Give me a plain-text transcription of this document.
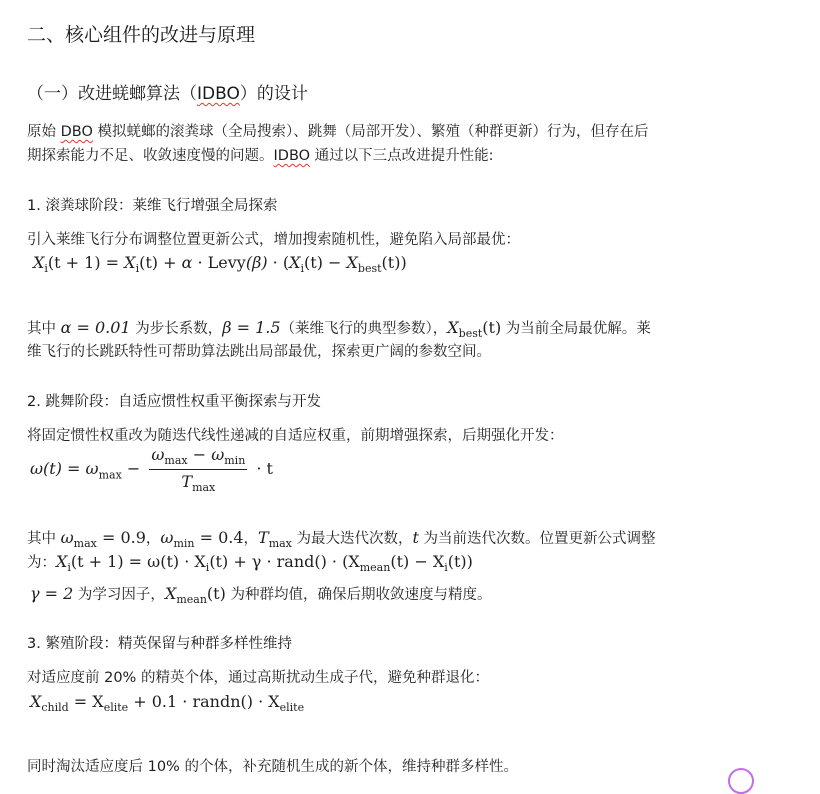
二、核心组件的改进与原理
（一）改进蜣螂算法（IDBO）的设计
原始 DBO 模拟蜣螂的滚粪球（全局搜索）、跳舞（局部开发）、繁殖（种群更新）行为，但存在后
期探索能力不足、收敛速度慢的问题。IDBO 通过以下三点改进提升性能:
1. 滚粪球阶段：莱维飞行增强全局探索
引入莱维飞行分布调整位置更新公式，增加搜索随机性，避免陷入局部最优：
$X_i(t + 1) = X_i(t) + \alpha$ · Levy(β) · $(X_i(t) - X_{best}(t))$
其中 α = 0.01 为步长系数，β = 1.5（莱维飞行的典型参数），$X_{best}(t)$ 为当前全局最优解。莱
维飞行的长跳跃特性可帮助算法跳出局部最优，探索更广阔的参数空间。
2. 跳舞阶段：自适应惯性权重平衡探索与开发
将固定惯性权重改为随迭代线性递减的自适应权重，前期增强探索，后期强化开发：
$\omega(t) = \omega_{max} - \frac{\omega_{max} - \omega_{min}}{T_{max}} \cdot t$
其中 $\omega_{max} = 0.9$，$\omega_{min} = 0.4$，$T_{max}$ 为最大迭代次数，t 为当前迭代次数。位置更新公式调整
为：$X_i(t + 1) = \omega(t) \cdot X_i(t) + \gamma$ · rand() · $(X_{mean}(t) - X_i(t))$
γ = 2 为学习因子，$X_{mean}(t)$ 为种群均值，确保后期收敛速度与精度。
3. 繁殖阶段：精英保留与种群多样性维持
对适应度前 20% 的精英个体，通过高斯扰动生成子代，避免种群退化：
$X_{child} = X_{elite} + 0.1$ · randn() · $X_{elite}$
同时淘汰适应度后 10% 的个体，补充随机生成的新个体，维持种群多样性。
